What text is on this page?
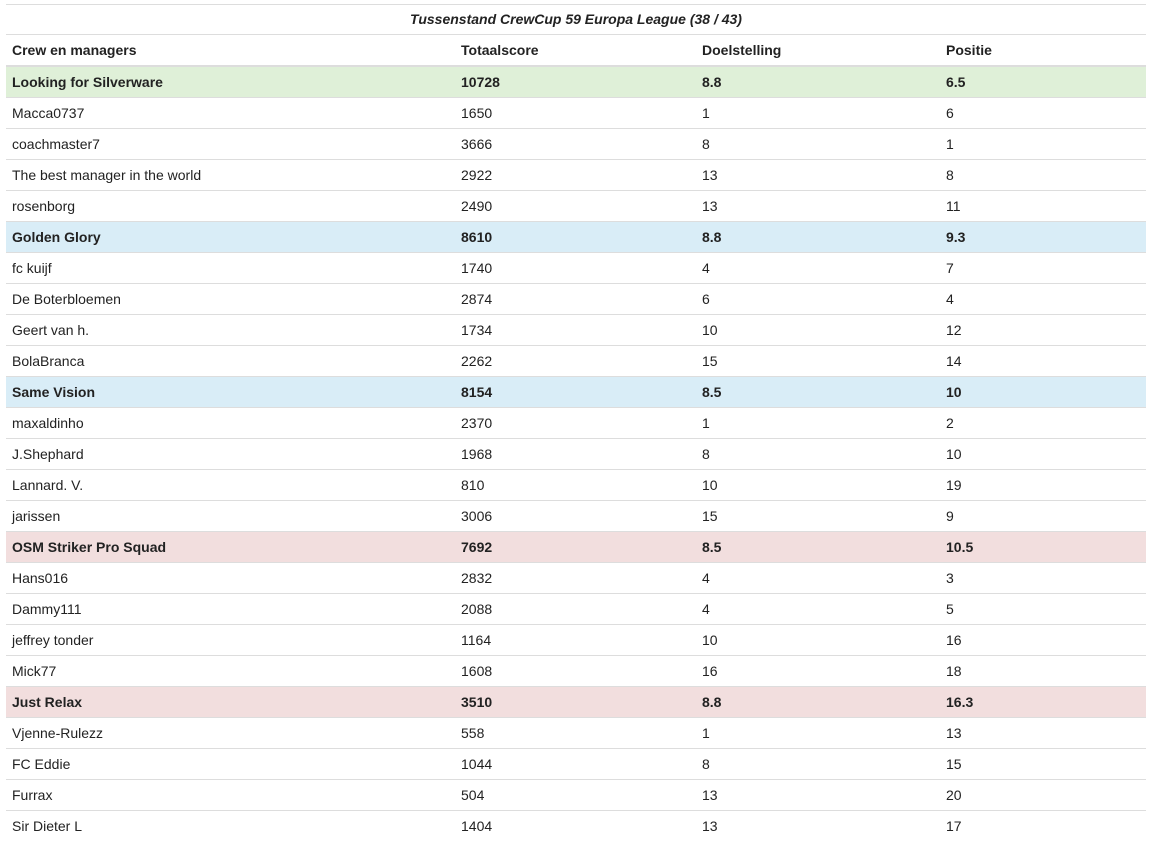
Tussenstand CrewCup 59 Europa League (38 / 43)
Crew en managers	Totaalscore	Doelstelling	Positie
Looking for Silverware	10728	8.8	6.5
Macca0737	1650	1	6
coachmaster7	3666	8	1
The best manager in the world	2922	13	8
rosenborg	2490	13	11
Golden Glory	8610	8.8	9.3
fc kuijf	1740	4	7
De Boterbloemen	2874	6	4
Geert van h.	1734	10	12
BolaBranca	2262	15	14
Same Vision	8154	8.5	10
maxaldinho	2370	1	2
J.Shephard	1968	8	10
Lannard. V.	810	10	19
jarissen	3006	15	9
OSM Striker Pro Squad	7692	8.5	10.5
Hans016	2832	4	3
Dammy111	2088	4	5
jeffrey tonder	1164	10	16
Mick77	1608	16	18
Just Relax	3510	8.8	16.3
Vjenne-Rulezz	558	1	13
FC Eddie	1044	8	15
Furrax	504	13	20
Sir Dieter L	1404	13	17
